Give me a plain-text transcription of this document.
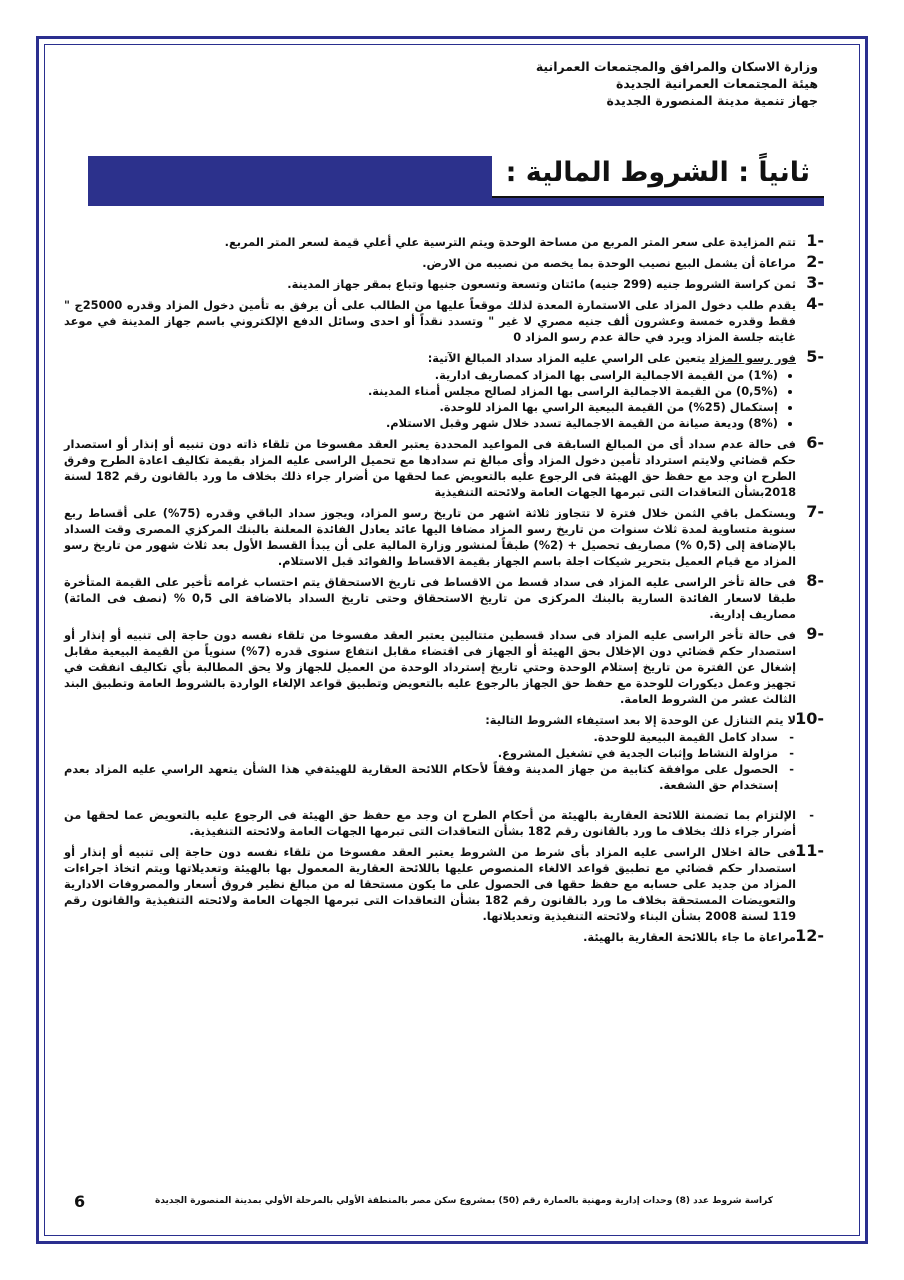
وزارة الاسكان والمرافق والمجتمعات العمرانية
هيئة المجتمعات العمرانية الجديدة
جهاز تنمية مدينة المنصورة الجديدة
ثانياً : الشروط المالية :
1-

تتم المزايدة على سعر المتر المربع من مساحة الوحدة ويتم الترسية علي أعلي قيمة لسعر المتر المربع.

2-

مراعاة أن يشمل البيع نصيب الوحدة بما يخصه من نصيبه من الارض.

3-

ثمن كراسة الشروط جنيه (299 جنيه) مائتان وتسعة وتسعون جنيها وتباع بمقر جهاز المدينة.

4-

يقدم طلب دخول المزاد على الاستمارة المعدة لذلك موقعاً عليها من الطالب على أن يرفق به تأمين دخول المزاد وقدره 25000ج " فقط وقدره خمسة وعشرون ألف جنيه مصري لا غير " وتسدد نقداً أو احدى وسائل الدفع الإلكتروني باسم جهاز المدينة في موعد غايته جلسة المزاد ويرد في حالة عدم رسو المزاد 0

5-

فور رسو المزاد يتعين على الراسي عليه المزاد سداد المبالغ الآتية:

• (1%) من القيمة الاجمالية الراسى بها المزاد كمصاريف ادارية.
• (0,5%) من القيمة الاجمالية الراسى بها المزاد لصالح مجلس أمناء المدينة.
• إستكمال (25%) من القيمة البيعية الراسي بها المزاد للوحدة.
• (8%) وديعة صيانة من القيمة الاجمالية تسدد خلال شهر وقبل الاستلام.
6-

فى حالة عدم سداد أى من المبالغ السابقة فى المواعيد المحددة يعتبر العقد مفسوخا من تلقاء ذاته دون تنبيه أو إنذار أو استصدار حكم قضائي ولايتم استرداد تأمين دخول المزاد وأى مبالغ تم سدادها مع تحميل الراسى عليه المزاد بقيمة تكاليف اعادة الطرح وفرق الطرح ان وجد مع حفظ حق الهيئة فى الرجوع عليه بالتعويض عما لحقها من أضرار جراء ذلك بخلاف ما ورد بالقانون رقم 182 لسنة 2018بشأن التعاقدات التى تبرمها الجهات العامة ولائحته التنفيذية

7-

ويستكمل باقي الثمن خلال فترة لا تتجاوز ثلاثة اشهر من تاريخ رسو المزاد، ويجوز سداد الباقي وقدره (75%) على أقساط ربع سنوية متساوية لمدة ثلاث سنوات من تاريخ رسو المزاد مضافا اليها عائد يعادل الفائدة المعلنة بالبنك المركزي المصرى وقت السداد بالإضافة إلى (0,5 %) مصاريف تحصيل + (2%) طبقاً لمنشور وزارة المالية على أن يبدأ القسط الأول بعد ثلاث شهور من تاريخ رسو المزاد مع قيام العميل بتحرير شيكات اجلة باسم الجهاز بقيمة الاقساط والفوائد قبل الاستلام.

8-

فى حالة تأخر الراسى عليه المزاد فى سداد قسط من الاقساط فى تاريخ الاستحقاق يتم احتساب غرامه تأخير على القيمة المتأخرة طبقا لاسعار الفائدة السارية بالبنك المركزى من تاريخ الاستحقاق وحتى تاريخ السداد بالاضافة الى 0,5 % (نصف فى المائة) مصاريف إدارية.

9-

فى حالة تأخر الراسى عليه المزاد فى سداد قسطين متتاليين يعتبر العقد مفسوخا من تلقاء نفسه دون حاجة إلى تنبيه أو إنذار أو استصدار حكم قضائي دون الإخلال بحق الهيئة أو الجهاز فى اقتضاء مقابل انتفاع سنوى قدره (7%) سنوياً من القيمة البيعية مقابل إشغال عن الفترة من تاريخ إستلام الوحدة وحتي تاريخ إسترداد الوحدة من العميل للجهاز ولا يحق المطالبة بأي تكاليف انفقت في تجهيز وعمل ديكورات للوحدة مع حفظ حق الجهاز بالرجوع عليه بالتعويض وتطبيق قواعد الإلغاء الواردة بالشروط العامة وتطبيق البند الثالث عشر من الشروط العامة.

10-

لا يتم التنازل عن الوحدة إلا بعد استيفاء الشروط التالية:

- سداد كامل القيمة البيعية للوحدة.
- مزاولة النشاط وإثبات الجدية في تشغيل المشروع.
- الحصول على موافقة كتابية من جهاز المدينة وفقاً لأحكام اللائحة العقارية للهيئةفي هذا الشأن يتعهد الراسي عليه المزاد بعدم إستخدام حق الشفعة.
-
الإلتزام بما تضمنة اللائحة العقارية بالهيئة من أحكام الطرح ان وجد مع حفظ حق الهيئة فى الرجوع عليه بالتعويض عما لحقها من أضرار جراء ذلك بخلاف ما ورد بالقانون رقم 182 بشأن التعاقدات التى تبرمها الجهات العامة ولائحته التنفيذية.
11-

فى حالة اخلال الراسى عليه المزاد بأى شرط من الشروط يعتبر العقد مفسوخا من تلقاء نفسه دون حاجة إلى تنبيه أو إنذار أو استصدار حكم قضائي مع تطبيق قواعد الالغاء المنصوص عليها باللائحة العقارية المعمول بها بالهيئة وتعديلاتها ويتم اتخاذ اجراءات المزاد من جديد على حسابه مع حفظ حقها فى الحصول على ما يكون مستحقا له من مبالغ نظير فروق أسعار والمصروفات الادارية والتعويضات المستحقة بخلاف ما ورد بالقانون رقم 182 بشأن التعاقدات التى تبرمها الجهات العامة ولائحته التنفيذية والقانون رقم 119 لسنة 2008 بشأن البناء ولائحته التنفيذية وتعديلاتها.

12-

مراعاة ما جاء باللائحة العقارية بالهيئة.

كراسة شروط عدد (8) وحدات إدارية ومهنية بالعمارة رقم (50) بمشروع سكن مصر بالمنطقة الأولي بالمرحلة الأولي بمدينة المنصورة الجديدة
6
